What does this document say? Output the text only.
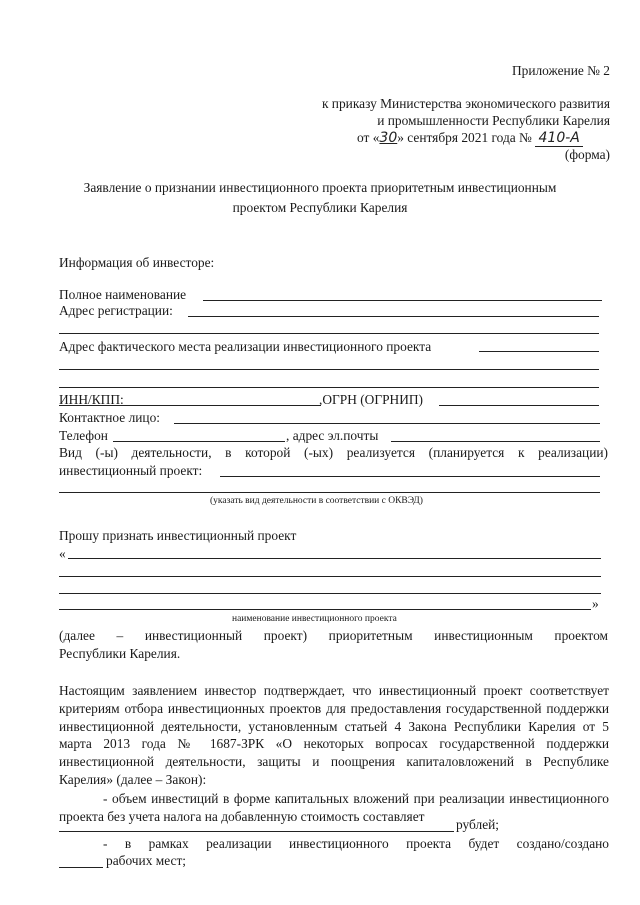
Приложение № 2
к приказу Министерства экономического развития
и промышленности Республики Карелия
от «30» сентября 2021 года № 410-А
(форма)
Заявление о признании инвестиционного проекта приоритетным инвестиционным
проектом Республики Карелия
Информация об инвесторе:
Полное наименование
Адрес регистрации:
Адрес фактического места реализации инвестиционного проекта
ИНН/КПП:	,ОГРН (ОГРНИП)
Контактное лицо:
Телефон	, адрес эл.почты
Вид (-ы) деятельности, в которой (-ых) реализуется (планируется к реализации)
инвестиционный проект:
(указать вид деятельности в соответствии с ОКВЭД)
Прошу признать инвестиционный проект
«
»
наименование инвестиционного проекта
(далее – инвестиционный проект) приоритетным инвестиционным проектом
Республики Карелия.
Настоящим заявлением инвестор подтверждает, что инвестиционный проект соответствует критериям отбора инвестиционных проектов для предоставления государственной поддержки инвестиционной деятельности, установленным статьей 4 Закона Республики Карелия от 5 марта 2013 года № 1687-ЗРК «О некоторых вопросах государственной поддержки инвестиционной деятельности, защиты и поощрения капиталовложений в Республике Карелия» (далее – Закон):
- объем инвестиций в форме капитальных вложений при реализации инвестиционного проекта без учета налога на добавленную стоимость составляет
рублей;
- в рамках реализации инвестиционного проекта будет создано/создано
рабочих мест;
